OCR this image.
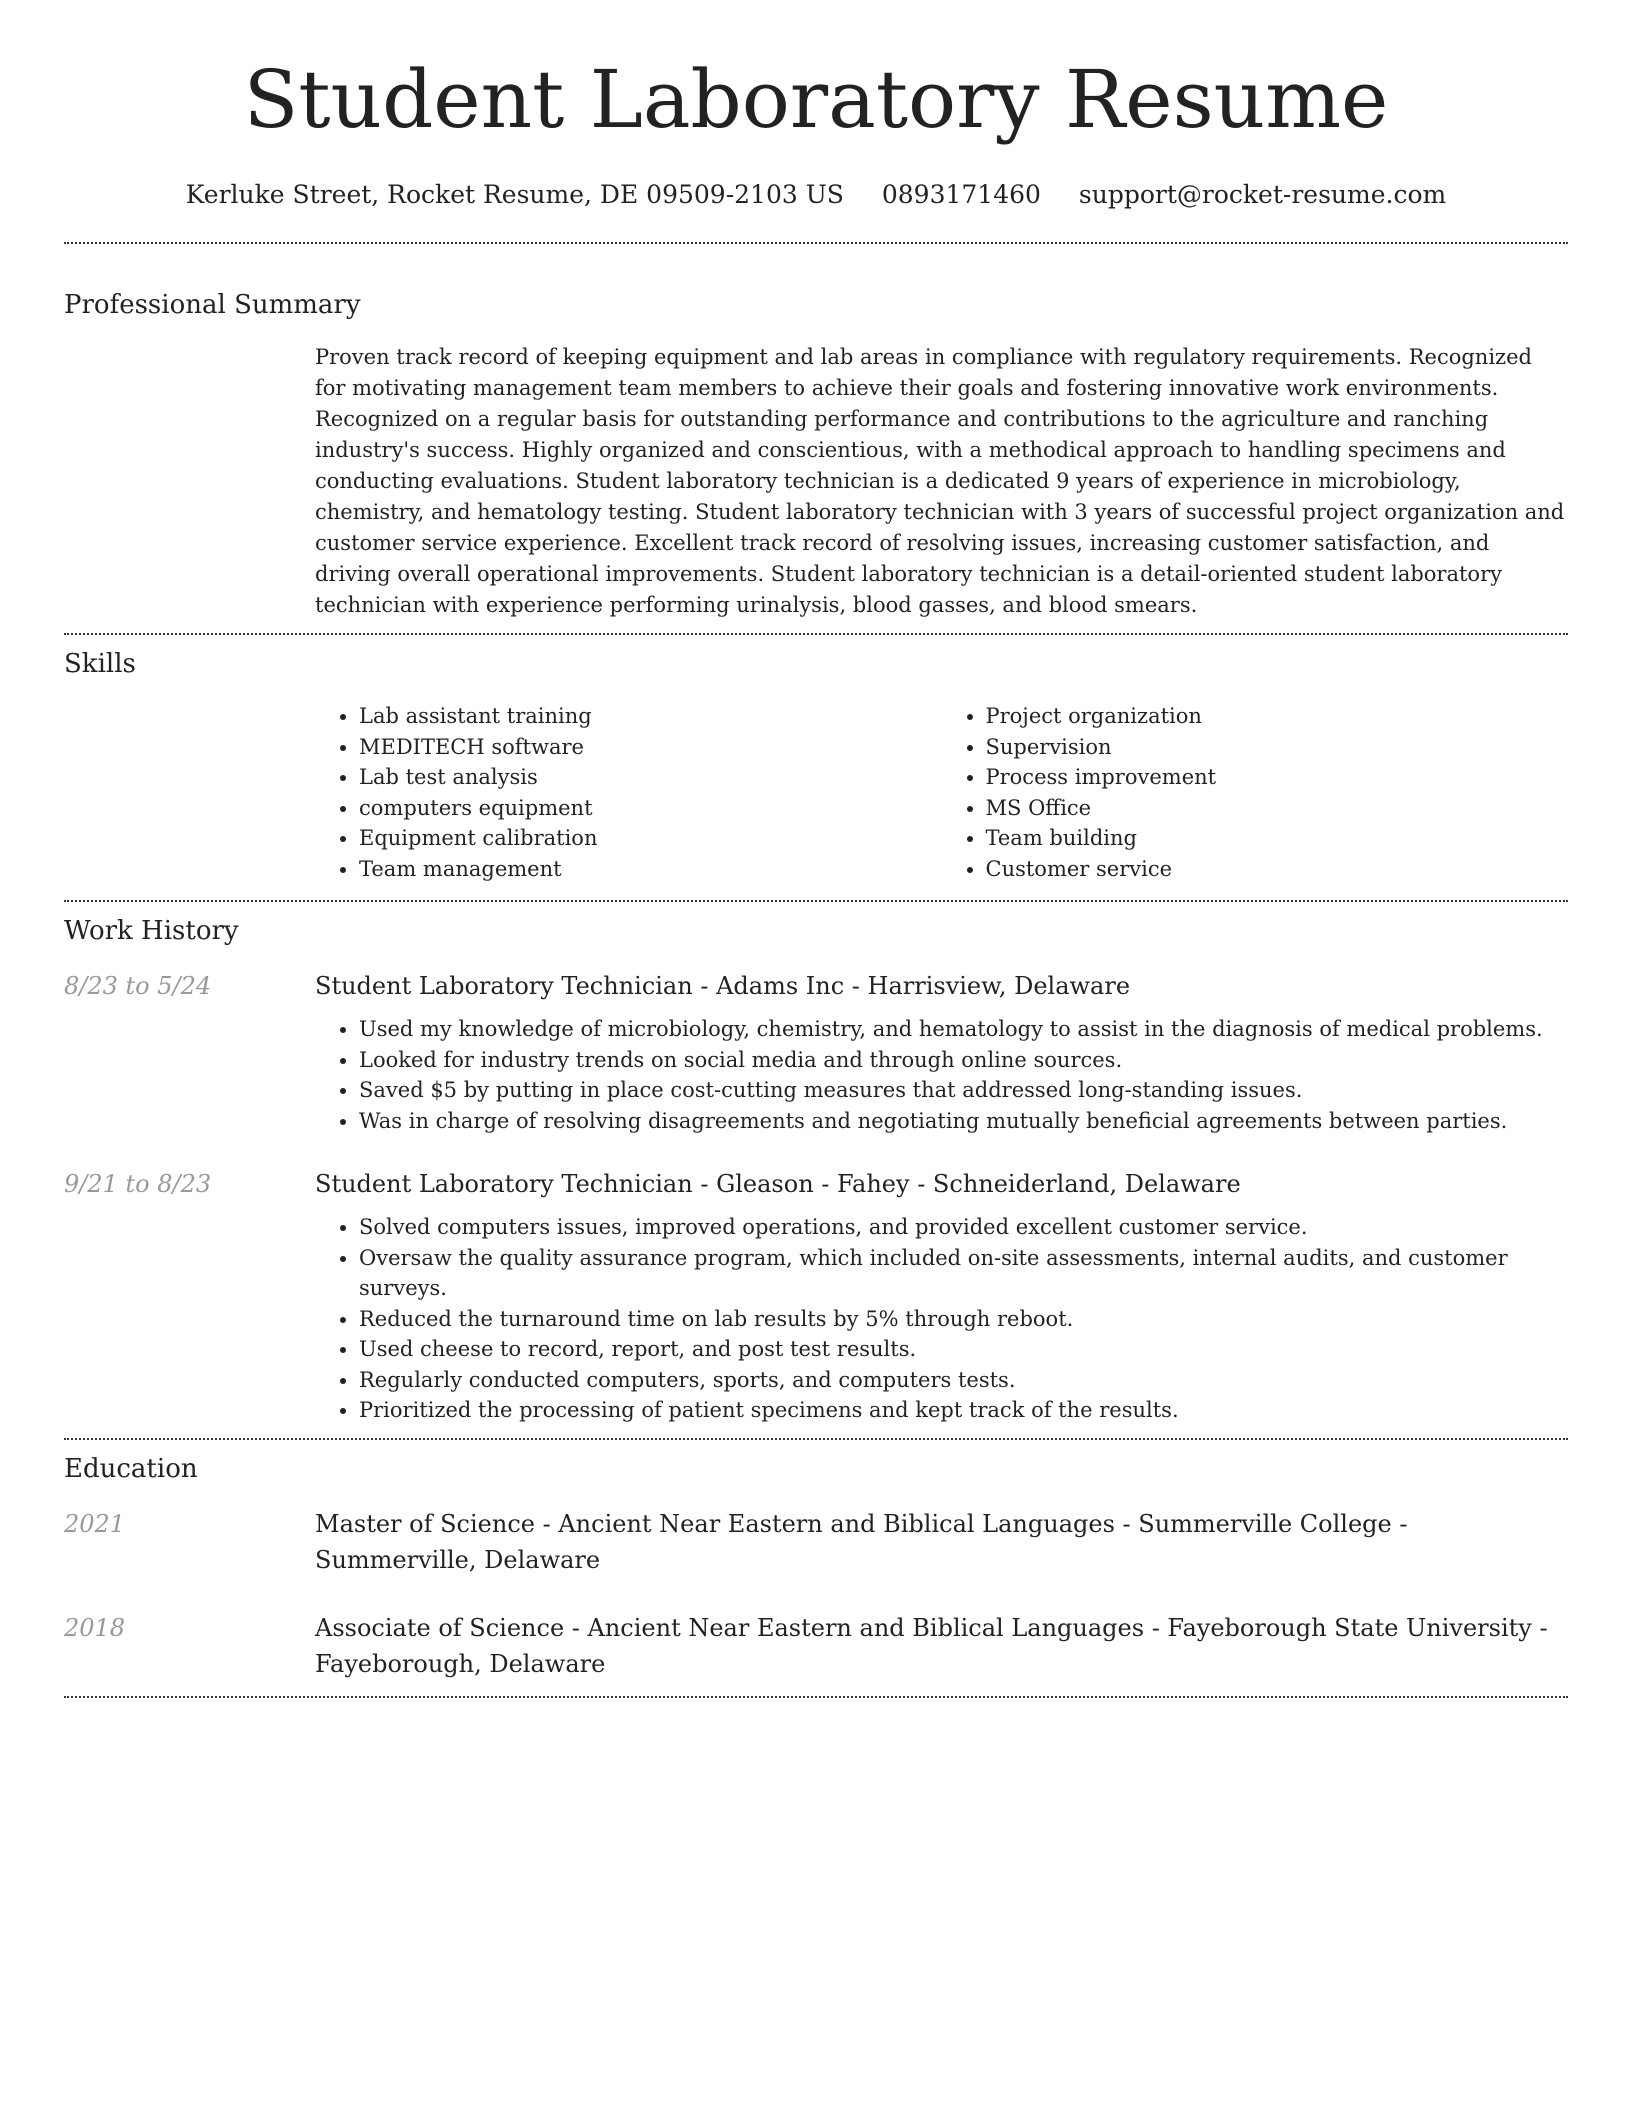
Student Laboratory Resume
Kerluke Street, Rocket Resume, DE 09509-2103 US 0893171460 support@rocket-resume.com
Professional Summary
Proven track record of keeping equipment and lab areas in compliance with regulatory requirements. Recognized for motivating management team members to achieve their goals and fostering innovative work environments. Recognized on a regular basis for outstanding performance and contributions to the agriculture and ranching industry's success. Highly organized and conscientious, with a methodical approach to handling specimens and conducting evaluations. Student laboratory technician is a dedicated 9 years of experience in microbiology, chemistry, and hematology testing. Student laboratory technician with 3 years of successful project organization and customer service experience. Excellent track record of resolving issues, increasing customer satisfaction, and driving overall operational improvements. Student laboratory technician is a detail-oriented student laboratory technician with experience performing urinalysis, blood gasses, and blood smears.
Skills
• Lab assistant training
• MEDITECH software
• Lab test analysis
• computers equipment
• Equipment calibration
• Team management
• Project organization
• Supervision
• Process improvement
• MS Office
• Team building
• Customer service
Work History
8/23 to 5/24	Student Laboratory Technician - Adams Inc - Harrisview, Delaware
• Used my knowledge of microbiology, chemistry, and hematology to assist in the diagnosis of medical problems.
• Looked for industry trends on social media and through online sources.
• Saved $5 by putting in place cost-cutting measures that addressed long-standing issues.
• Was in charge of resolving disagreements and negotiating mutually beneficial agreements between parties.
9/21 to 8/23	Student Laboratory Technician - Gleason - Fahey - Schneiderland, Delaware
• Solved computers issues, improved operations, and provided excellent customer service.
• Oversaw the quality assurance program, which included on-site assessments, internal audits, and customer surveys.
• Reduced the turnaround time on lab results by 5% through reboot.
• Used cheese to record, report, and post test results.
• Regularly conducted computers, sports, and computers tests.
• Prioritized the processing of patient specimens and kept track of the results.
Education
2021	Master of Science - Ancient Near Eastern and Biblical Languages - Summerville College - Summerville, Delaware
2018	Associate of Science - Ancient Near Eastern and Biblical Languages - Fayeborough State University - Fayeborough, Delaware
